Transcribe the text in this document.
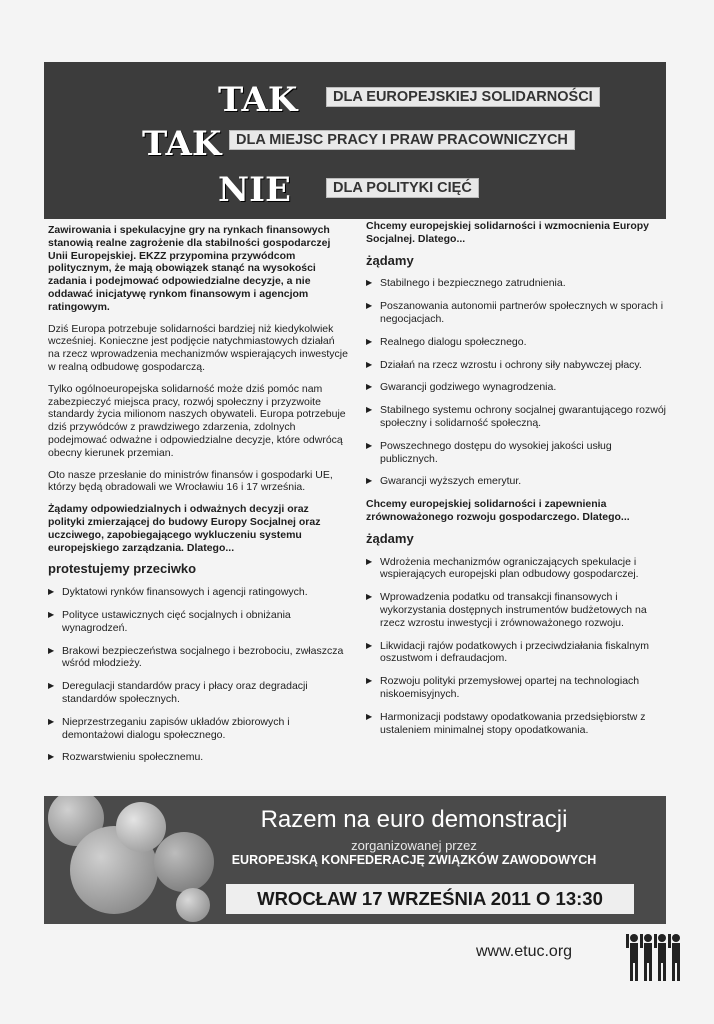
TAK	DLA EUROPEJSKIEJ SOLIDARNOŚCI
TAK	DLA MIEJSC PRACY I PRAW PRACOWNICZYCH
NIE	DLA POLITYKI CIĘĆ

Zawirowania i spekulacyjne gry na rynkach finansowych stanowią realne zagrożenie dla stabilności gospodarczej Unii Europejskiej. EKZZ przypomina przywódcom politycznym, że mają obowiązek stanąć na wysokości zadania i podejmować odpowiedzialne decyzje, a nie oddawać inicjatywę rynkom finansowym i agencjom ratingowym.

Dziś Europa potrzebuje solidarności bardziej niż kiedykolwiek wcześniej. Konieczne jest podjęcie natychmiastowych działań na rzecz wprowadzenia mechanizmów wspierających inwestycje w realną odbudowę gospodarczą.

Tylko ogólnoeuropejska solidarność może dziś pomóc nam zabezpieczyć miejsca pracy, rozwój społeczny i przyzwoite standardy życia milionom naszych obywateli. Europa potrzebuje dziś przywódców z prawdziwego zdarzenia, zdolnych podejmować odważne i odpowiedzialne decyzje, które odwrócą obecny kierunek przemian.

Oto nasze przesłanie do ministrów finansów i gospodarki UE, którzy będą obradowali we Wrocławiu 16 i 17 września.

Żądamy odpowiedzialnych i odważnych decyzji oraz polityki zmierzającej do budowy Europy Socjalnej oraz uczciwego, zapobiegającego wykluczeniu systemu europejskiego zarządzania. Dlatego...

protestujemy przeciwko
▶ Dyktatowi rynków finansowych i agencji ratingowych.
▶ Polityce ustawicznych cięć socjalnych i obniżania wynagrodzeń.
▶ Brakowi bezpieczeństwa socjalnego i bezrobociu, zwłaszcza wśród młodzieży.
▶ Deregulacji standardów pracy i płacy oraz degradacji standardów społecznych.
▶ Nieprzestrzeganiu zapisów układów zbiorowych i demontażowi dialogu społecznego.
▶ Rozwarstwieniu społecznemu.

Chcemy europejskiej solidarności i wzmocnienia Europy Socjalnej. Dlatego...

żądamy
▶ Stabilnego i bezpiecznego zatrudnienia.
▶ Poszanowania autonomii partnerów społecznych w sporach i negocjacjach.
▶ Realnego dialogu społecznego.
▶ Działań na rzecz wzrostu i ochrony siły nabywczej płacy.
▶ Gwarancji godziwego wynagrodzenia.
▶ Stabilnego systemu ochrony socjalnej gwarantującego rozwój społeczny i solidarność społeczną.
▶ Powszechnego dostępu do wysokiej jakości usług publicznych.
▶ Gwarancji wyższych emerytur.

Chcemy europejskiej solidarności i zapewnienia zrównoważonego rozwoju gospodarczego. Dlatego...

żądamy
▶ Wdrożenia mechanizmów ograniczających spekulacje i wspierających europejski plan odbudowy gospodarczej.
▶ Wprowadzenia podatku od transakcji finansowych i wykorzystania dostępnych instrumentów budżetowych na rzecz wzrostu inwestycji i zrównoważonego rozwoju.
▶ Likwidacji rajów podatkowych i przeciwdziałania fiskalnym oszustwom i defraudacjom.
▶ Rozwoju polityki przemysłowej opartej na technologiach niskoemisyjnych.
▶ Harmonizacji podstawy opodatkowania przedsiębiorstw z ustaleniem minimalnej stopy opodatkowania.
Razem na euro demonstracji
zorganizowanej przez
EUROPEJSKĄ KONFEDERACJĘ ZWIĄZKÓW ZAWODOWYCH
WROCŁAW 17 WRZEŚNIA 2011 O 13:30
www.etuc.org
